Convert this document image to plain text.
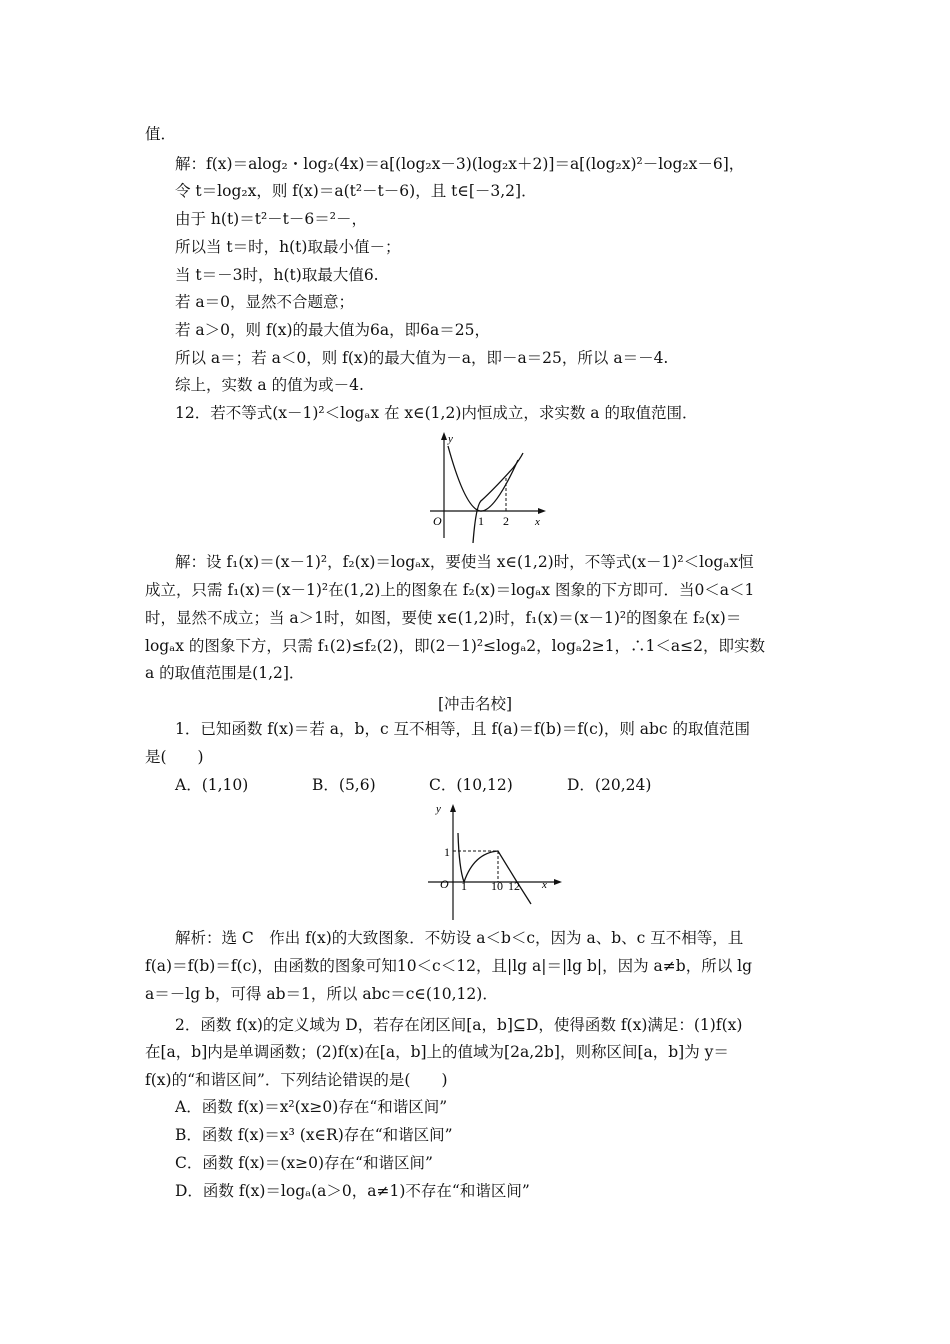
值．
解：f(x)＝alog₂・log₂(4x)＝a[(log₂x－3)(log₂x＋2)]＝a[(log₂x)²－log₂x－6]，
令 t＝log₂x，则 f(x)＝a(t²－t－6)，且 t∈[－3,2]．
由于 h(t)＝t²－t－6＝²－，
所以当 t＝时，h(t)取最小值－；
当 t＝－3时，h(t)取最大值6.
若 a＝0，显然不合题意；
若 a＞0，则 f(x)的最大值为6a，即6a＝25，
所以 a＝；若 a＜0，则 f(x)的最大值为－a，即－a＝25，所以 a＝－4.
综上，实数 a 的值为或－4.
12．若不等式(x－1)²＜logₐx 在 x∈(1,2)内恒成立，求实数 a 的取值范围．
y
O	1 2 x
解：设 f₁(x)＝(x－1)²，f₂(x)＝logₐx，要使当 x∈(1,2)时，不等式(x－1)²＜logₐx恒
成立，只需 f₁(x)＝(x－1)²在(1,2)上的图象在 f₂(x)＝logₐx 图象的下方即可．当0＜a＜1
时，显然不成立；当 a＞1时，如图，要使 x∈(1,2)时，f₁(x)＝(x－1)²的图象在 f₂(x)＝
logₐx 的图象下方，只需 f₁(2)≤f₂(2)，即(2－1)²≤logₐ2，logₐ2≥1，∴1＜a≤2，即实数
a 的取值范围是(1,2]．
[冲击名校]
1．已知函数 f(x)＝若 a，b，c 互不相等，且 f(a)＝f(b)＝f(c)，则 abc 的取值范围
是(　　)
A．(1,10)	B．(5,6)	C．(10,12)	D．(20,24)
y
1
O 1 10 12 x
解析：选 C　作出 f(x)的大致图象．不妨设 a＜b＜c，因为 a、b、c 互不相等，且
f(a)＝f(b)＝f(c)，由函数的图象可知10＜c＜12，且|lg a|＝|lg b|，因为 a≠b，所以 lg
a＝－lg b，可得 ab＝1，所以 abc＝c∈(10,12)．
2．函数 f(x)的定义域为 D，若存在闭区间[a，b]⊆D，使得函数 f(x)满足：(1)f(x)
在[a，b]内是单调函数；(2)f(x)在[a，b]上的值域为[2a,2b]，则称区间[a，b]为 y＝
f(x)的“和谐区间”．下列结论错误的是(　　)
A．函数 f(x)＝x²(x≥0)存在“和谐区间”
B．函数 f(x)＝x³ (x∈R)存在“和谐区间”
C．函数 f(x)＝(x≥0)存在“和谐区间”
D．函数 f(x)＝logₐ(a＞0，a≠1)不存在“和谐区间”
